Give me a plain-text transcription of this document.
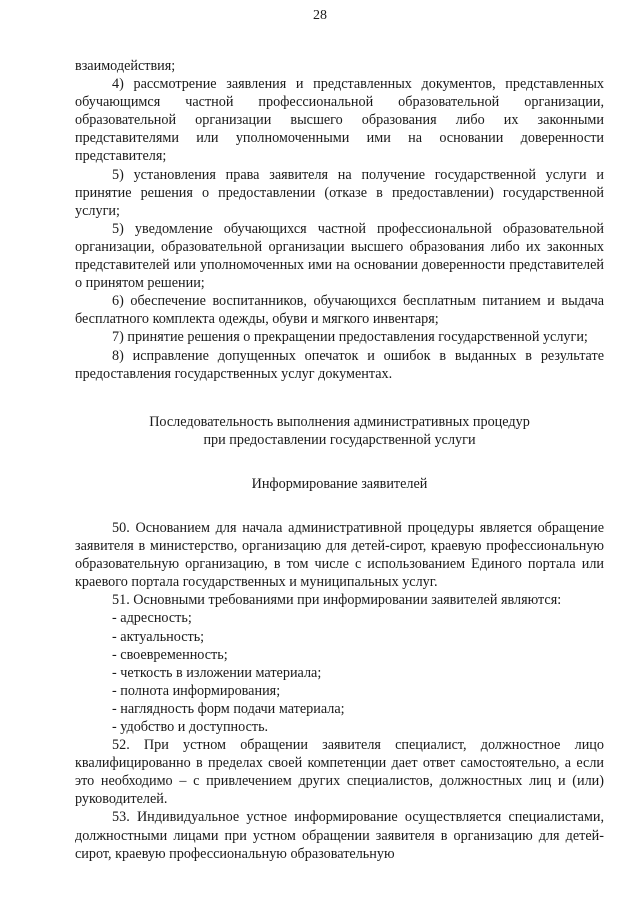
28

взаимодействия;

4) рассмотрение заявления и представленных документов, представленных обучающимся частной профессиональной образовательной организации, образовательной организации высшего образования либо их законными представителями или уполномоченными ими на основании доверенности представителя;

5) установления права заявителя на получение государственной услуги и принятие решения о предоставлении (отказе в предоставлении) государственной услуги;

5) уведомление обучающихся частной профессиональной образовательной организации, образовательной организации высшего образования либо их законных представителей или уполномоченных ими на основании доверенности представителей о принятом решении;

6) обеспечение воспитанников, обучающихся бесплатным питанием и выдача бесплатного комплекта одежды, обуви и мягкого инвентаря;

7) принятие решения о прекращении предоставления государственной услуги;

8) исправление допущенных опечаток и ошибок в выданных в результате предоставления государственных услуг документах.

Последовательность выполнения административных процедур

при предоставлении государственной услуги

Информирование заявителей

50. Основанием для начала административной процедуры является обращение заявителя в министерство, организацию для детей-сирот, краевую профессиональную образовательную организацию, в том числе с использованием Единого портала или краевого портала государственных и муниципальных услуг.

51. Основными требованиями при информировании заявителей являются:

- адресность;

- актуальность;

- своевременность;

- четкость в изложении материала;

- полнота информирования;

- наглядность форм подачи материала;

- удобство и доступность.

52. При устном обращении заявителя специалист, должностное лицо квалифицированно в пределах своей компетенции дает ответ самостоятельно, а если это необходимо – с привлечением других специалистов, должностных лиц и (или) руководителей.

53. Индивидуальное устное информирование осуществляется специалистами, должностными лицами при устном обращении заявителя в организацию для детей-сирот, краевую профессиональную образовательную
